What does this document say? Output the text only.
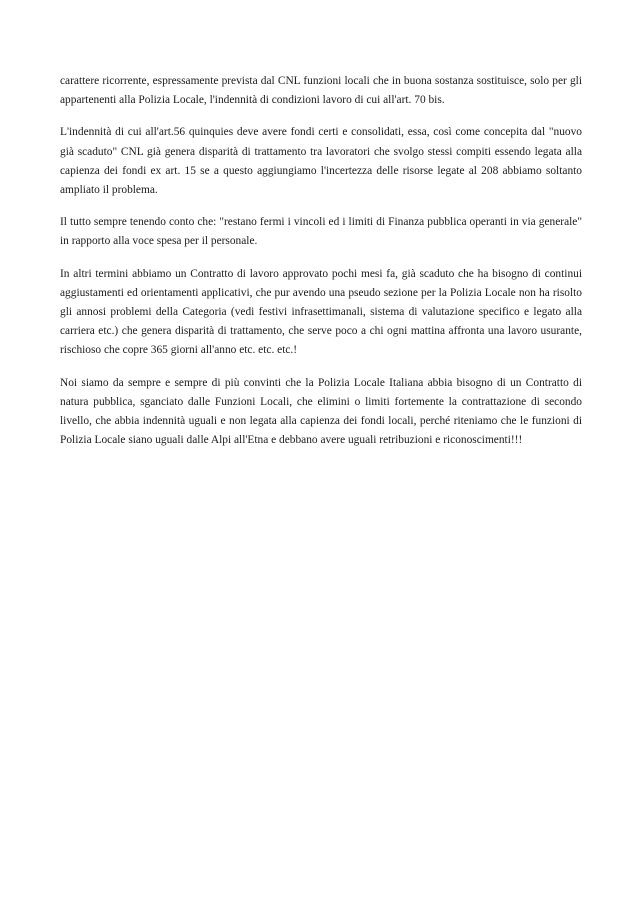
carattere ricorrente, espressamente prevista dal CNL funzioni locali che in buona sostanza sostituisce, solo per gli appartenenti alla Polizia Locale, l'indennità di condizioni lavoro di cui all'art. 70 bis.

L'indennità di cui all'art.56 quinquies deve avere fondi certi e consolidati, essa, così come concepita dal "nuovo già scaduto" CNL già genera disparità di trattamento tra lavoratori che svolgo stessi compiti essendo legata alla capienza dei fondi ex art. 15 se a questo aggiungiamo l'incertezza delle risorse legate al 208 abbiamo soltanto ampliato il problema.

Il tutto sempre tenendo conto che: "restano fermi i vincoli ed i limiti di Finanza pubblica operanti in via generale" in rapporto alla voce spesa per il personale.

In altri termini abbiamo un Contratto di lavoro approvato pochi mesi fa, già scaduto che ha bisogno di continui aggiustamenti ed orientamenti applicativi, che pur avendo una pseudo sezione per la Polizia Locale non ha risolto gli annosi problemi della Categoria (vedi festivi infrasettimanali, sistema di valutazione specifico e legato alla carriera etc.) che genera disparità di trattamento, che serve poco a chi ogni mattina affronta una lavoro usurante, rischioso che copre 365 giorni all'anno etc. etc. etc.!

Noi siamo da sempre e sempre di più convinti che la Polizia Locale Italiana abbia bisogno di un Contratto di natura pubblica, sganciato dalle Funzioni Locali, che elimini o limiti fortemente la contrattazione di secondo livello, che abbia indennità uguali e non legata alla capienza dei fondi locali, perché riteniamo che le funzioni di Polizia Locale siano uguali dalle Alpi all'Etna e debbano avere uguali retribuzioni e riconoscimenti!!!
